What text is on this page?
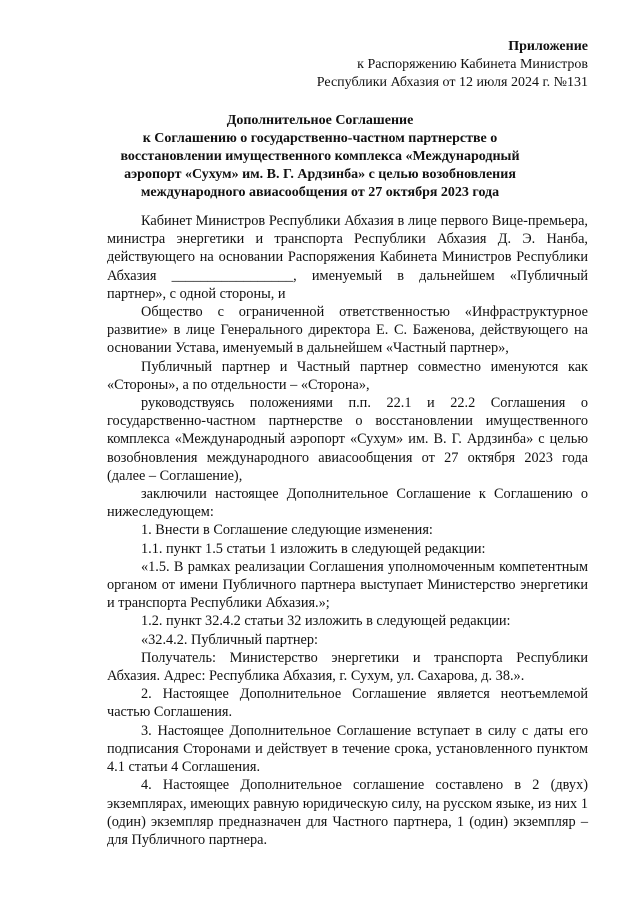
Приложение
к Распоряжению Кабинета Министров
Республики Абхазия от 12 июля 2024 г. №131
Дополнительное Соглашение
к Соглашению о государственно-частном партнерстве о
восстановлении имущественного комплекса «Международный
аэропорт «Сухум» им. В. Г. Ардзинба» с целью возобновления
международного авиасообщения от 27 октября 2023 года

Кабинет Министров Республики Абхазия в лице первого Вице-премьера, министра энергетики и транспорта Республики Абхазия Д. Э. Нанба, действующего на основании Распоряжения Кабинета Министров Республики Абхазия _________________, именуемый в дальнейшем «Публичный партнер», с одной стороны, и

Общество с ограниченной ответственностью «Инфраструктурное развитие» в лице Генерального директора Е. С. Баженова, действующего на основании Устава, именуемый в дальнейшем «Частный партнер»,

Публичный партнер и Частный партнер совместно именуются как «Стороны», а по отдельности – «Сторона»,

руководствуясь положениями п.п. 22.1 и 22.2 Соглашения о государственно-частном партнерстве о восстановлении имущественного комплекса «Международный аэропорт «Сухум» им. В. Г. Ардзинба» с целью возобновления международного авиасообщения от 27 октября 2023 года (далее – Соглашение),

заключили настоящее Дополнительное Соглашение к Соглашению о нижеследующем:

1. Внести в Соглашение следующие изменения:

1.1. пункт 1.5 статьи 1 изложить в следующей редакции:

«1.5. В рамках реализации Соглашения уполномоченным компетентным органом от имени Публичного партнера выступает Министерство энергетики и транспорта Республики Абхазия.»;

1.2. пункт 32.4.2 статьи 32 изложить в следующей редакции:

«32.4.2. Публичный партнер:

Получатель: Министерство энергетики и транспорта Республики Абхазия. Адрес: Республика Абхазия, г. Сухум, ул. Сахарова, д. 38.».

2. Настоящее Дополнительное Соглашение является неотъемлемой частью Соглашения.

3. Настоящее Дополнительное Соглашение вступает в силу с даты его подписания Сторонами и действует в течение срока, установленного пунктом 4.1 статьи 4 Соглашения.

4. Настоящее Дополнительное соглашение составлено в 2 (двух) экземплярах, имеющих равную юридическую силу, на русском языке, из них 1 (один) экземпляр предназначен для Частного партнера, 1 (один) экземпляр – для Публичного партнера.
